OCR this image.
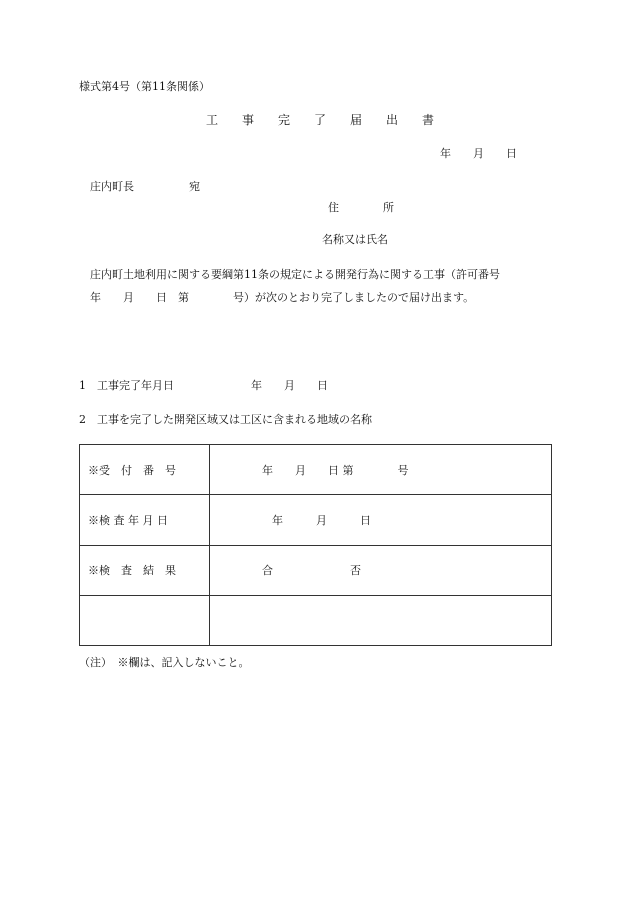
様式第4号（第11条関係）
工　　事　　完　　了　　届　　出　　書
年　　月　　日
庄内町長　　　　　宛
住　　　　所
名称又は氏名
庄内町土地利用に関する要綱第11条の規定による開発行為に関する工事（許可番号
年　　月　　日　第　　　　号）が次のとおり完了しましたので届け出ます。
1　工事完了年月日　　　　　　　年　　月　　日
2　工事を完了した開発区域又は工区に含まれる地域の名称
※受　付　番　号	年　　月　　日 第　　　　号
※検 査 年 月 日	年　　　月　　　日
※検　査　結　果	合　　　　　　　否

（注）　※欄は、記入しないこと。
